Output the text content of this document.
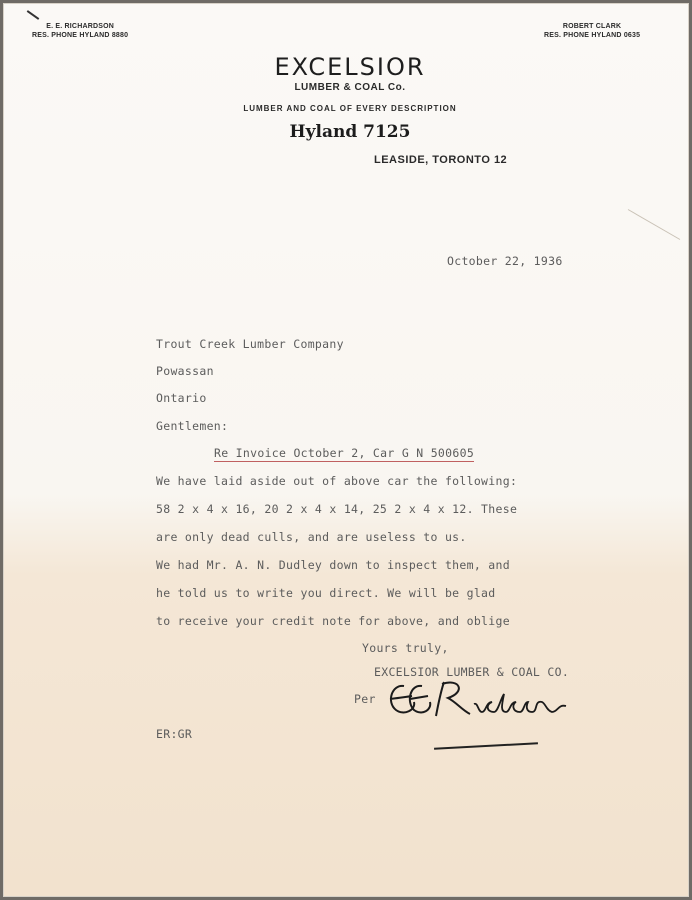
E. E. RICHARDSON
RES. PHONE HYLAND 8880
ROBERT CLARK
RES. PHONE HYLAND 0635
EXCELSIOR
LUMBER & COAL Co.
LUMBER AND COAL OF EVERY DESCRIPTION
Hyland 7125
LEASIDE, TORONTO 12
October 22, 1936
Trout Creek Lumber Company
Powassan
Ontario
Gentlemen:
Re Invoice October 2, Car G N 500605
We have laid aside out of above car the following:
58 2 x 4 x 16, 20 2 x 4 x 14, 25 2 x 4 x 12. These
are only dead culls, and are useless to us.
We had Mr. A. N. Dudley down to inspect them, and
he told us to write you direct. We will be glad
to receive your credit note for above, and oblige
Yours truly,
EXCELSIOR LUMBER & COAL CO.
Per
ER:GR
